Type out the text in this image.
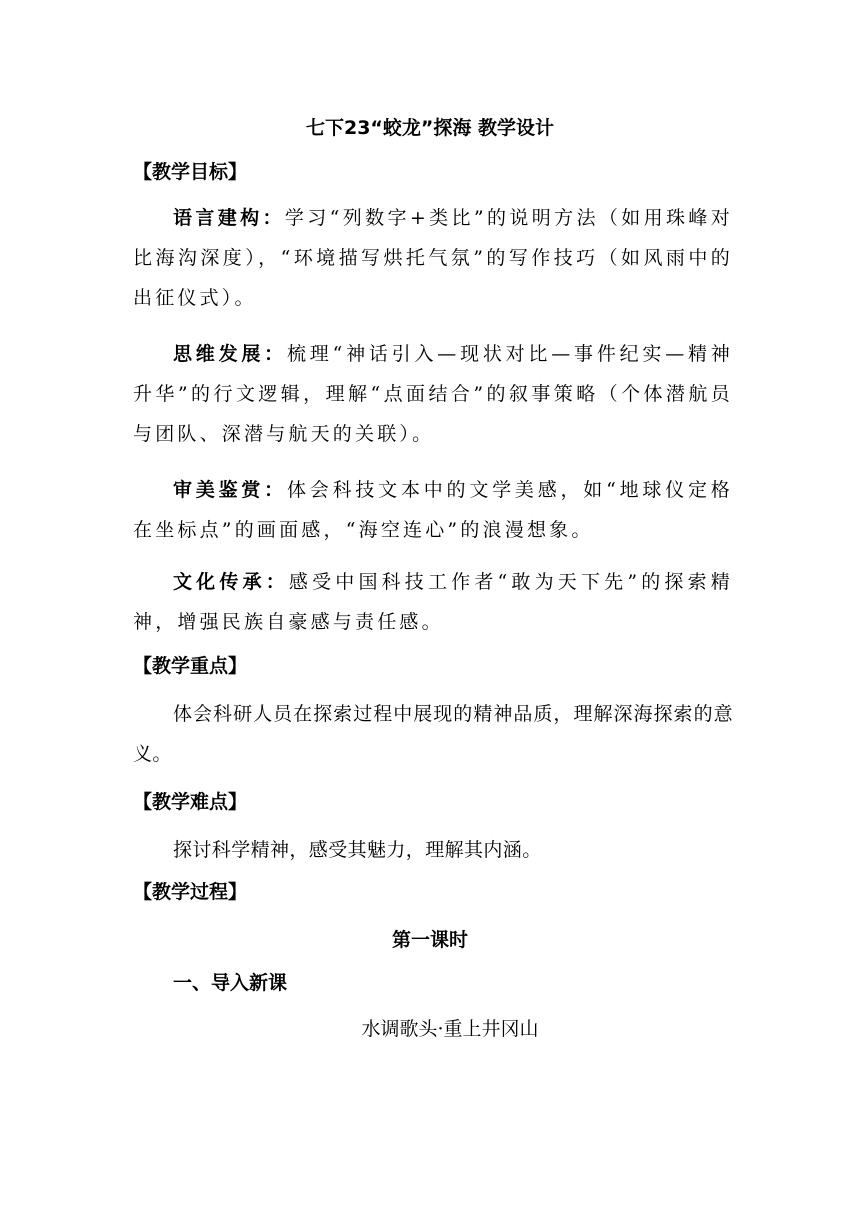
七下23“蛟龙”探海 教学设计
【教学目标】
语言建构：学习“列数字+类比”的说明方法（如用珠峰对比海沟深度），“环境描写烘托气氛”的写作技巧（如风雨中的出征仪式）。
思维发展：梳理“神话引入—现状对比—事件纪实—精神升华”的行文逻辑，理解“点面结合”的叙事策略（个体潜航员与团队、深潜与航天的关联）。
审美鉴赏：体会科技文本中的文学美感，如“地球仪定格在坐标点”的画面感，“海空连心”的浪漫想象。
文化传承：感受中国科技工作者“敢为天下先”的探索精神，增强民族自豪感与责任感。
【教学重点】
体会科研人员在探索过程中展现的精神品质，理解深海探索的意义。
【教学难点】
探讨科学精神，感受其魅力，理解其内涵。
【教学过程】
第一课时
一、导入新课
水调歌头·重上井冈山
